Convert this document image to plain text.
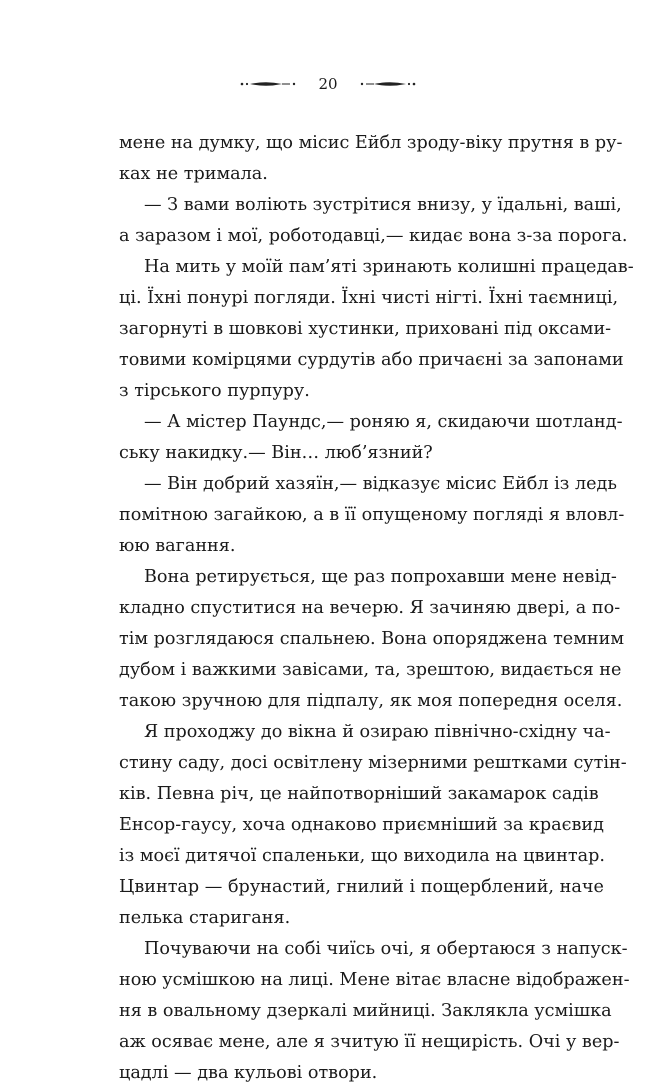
20
мене на думку, що місис Ейбл зроду-віку прутня в ру-
ках не тримала.
— З вами воліють зустрітися внизу, у їдальні, ваші,
а заразом і мої, роботодавці,— кидає вона з-за порога.
На мить у моїй пам’яті зринають колишні працедав-
ці. Їхні понурі погляди. Їхні чисті нігті. Їхні таємниці,
загорнуті в шовкові хустинки, приховані під оксами-
товими комірцями сурдутів або причаєні за запонами
з тірського пурпуру.
— А містер Паундс,— роняю я, скидаючи шотланд-
ську накидку.— Він… люб’язний?
— Він добрий хазяїн,— відказує місис Ейбл із ледь
помітною загайкою, а в її опущеному погляді я вловл-
юю вагання.
Вона ретирується, ще раз попрохавши мене невід-
кладно спуститися на вечерю. Я зачиняю двері, а по-
тім розглядаюся спальнею. Вона опоряджена темним
дубом і важкими завісами, та, зрештою, видається не
такою зручною для підпалу, як моя попередня оселя.
Я проходжу до вікна й озираю північно-східну ча-
стину саду, досі освітлену мізерними рештками сутін-
ків. Певна річ, це найпотворніший закамарок садів
Енсор-гаусу, хоча однаково приємніший за краєвид
із моєї дитячої спаленьки, що виходила на цвинтар.
Цвинтар — брунастий, гнилий і пощерблений, наче
пелька стариганя.
Почуваючи на собі чиїсь очі, я обертаюся з напуск-
ною усмішкою на лиці. Мене вітає власне відображен-
ня в овальному дзеркалі мийниці. Заклякла усмішка
аж осяває мене, але я зчитую її нещирість. Очі у вер-
цадлі — два кульові отвори.
